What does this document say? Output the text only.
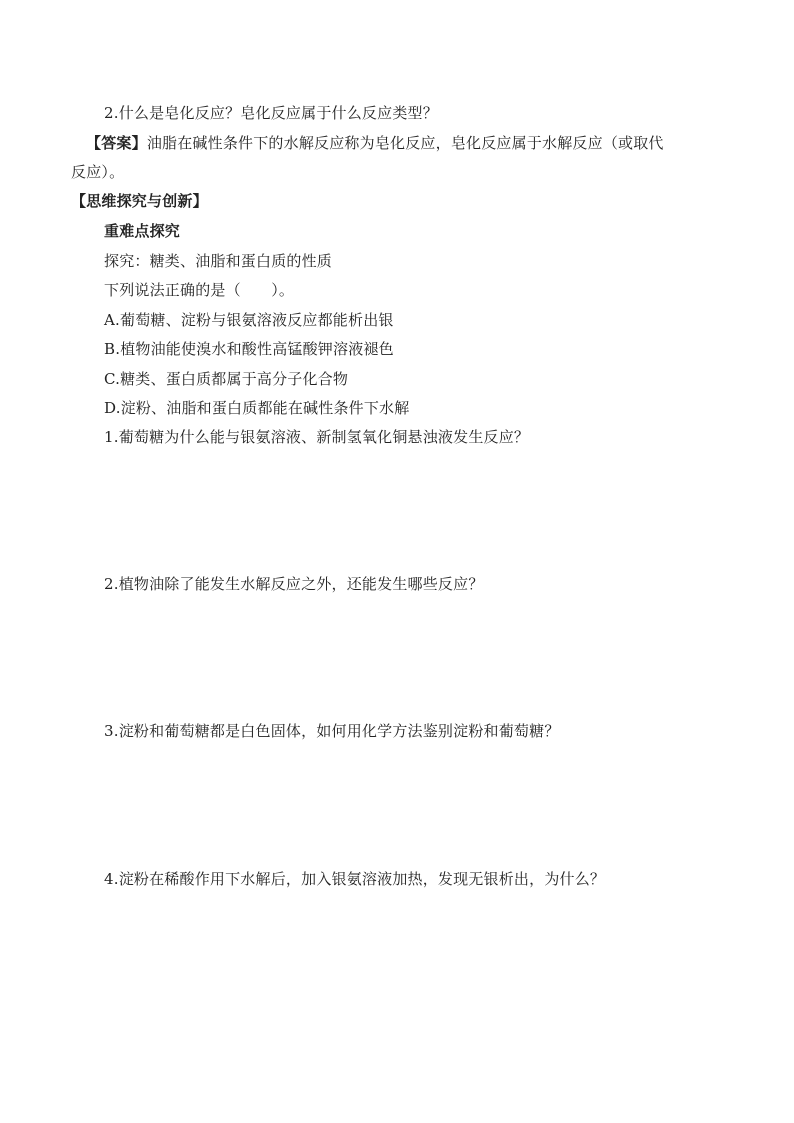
2.什么是皂化反应？皂化反应属于什么反应类型？
【答案】油脂在碱性条件下的水解反应称为皂化反应，皂化反应属于水解反应（或取代
反应）。
【思维探究与创新】
重难点探究
探究：糖类、油脂和蛋白质的性质
下列说法正确的是（　　）。
A.葡萄糖、淀粉与银氨溶液反应都能析出银
B.植物油能使溴水和酸性高锰酸钾溶液褪色
C.糖类、蛋白质都属于高分子化合物
D.淀粉、油脂和蛋白质都能在碱性条件下水解
1.葡萄糖为什么能与银氨溶液、新制氢氧化铜悬浊液发生反应？
2.植物油除了能发生水解反应之外，还能发生哪些反应？
3.淀粉和葡萄糖都是白色固体，如何用化学方法鉴别淀粉和葡萄糖？
4.淀粉在稀酸作用下水解后，加入银氨溶液加热，发现无银析出，为什么？
